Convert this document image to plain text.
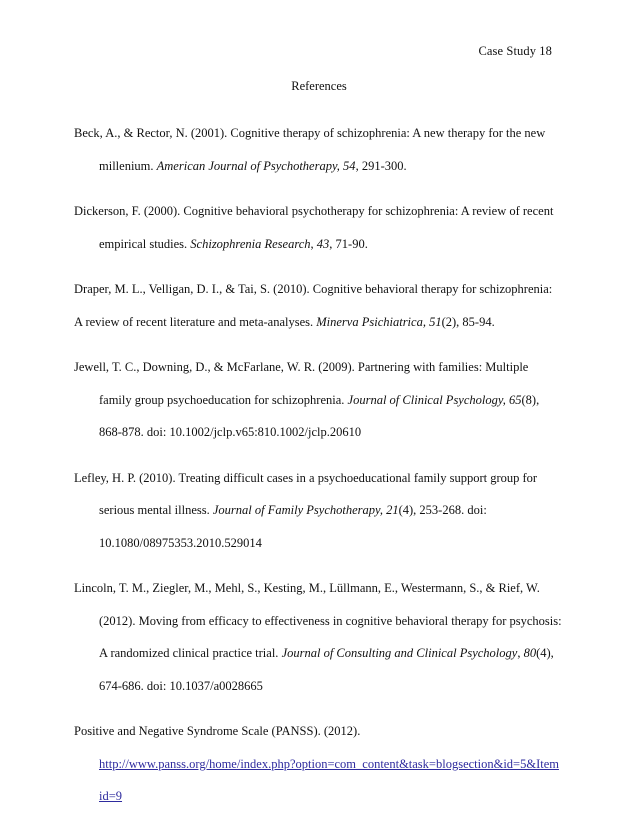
Case Study 18
References
Beck, A., & Rector, N. (2001). Cognitive therapy of schizophrenia: A new therapy for the new
millenium. American Journal of Psychotherapy, 54, 291-300.
Dickerson, F. (2000). Cognitive behavioral psychotherapy for schizophrenia: A review of recent
empirical studies. Schizophrenia Research, 43, 71-90.
Draper, M. L., Velligan, D. I., & Tai, S. (2010). Cognitive behavioral therapy for schizophrenia:
A review of recent literature and meta-analyses. Minerva Psichiatrica, 51(2), 85-94.
Jewell, T. C., Downing, D., & McFarlane, W. R. (2009). Partnering with families: Multiple
family group psychoeducation for schizophrenia. Journal of Clinical Psychology, 65(8),
868-878. doi: 10.1002/jclp.v65:810.1002/jclp.20610
Lefley, H. P. (2010). Treating difficult cases in a psychoeducational family support group for
serious mental illness. Journal of Family Psychotherapy, 21(4), 253-268. doi:
10.1080/08975353.2010.529014
Lincoln, T. M., Ziegler, M., Mehl, S., Kesting, M., Lüllmann, E., Westermann, S., & Rief, W.
(2012). Moving from efficacy to effectiveness in cognitive behavioral therapy for psychosis:
A randomized clinical practice trial. Journal of Consulting and Clinical Psychology, 80(4),
674-686. doi: 10.1037/a0028665
Positive and Negative Syndrome Scale (PANSS). (2012).
http://www.panss.org/home/index.php?option=com_content&task=blogsection&id=5&Item
id=9
